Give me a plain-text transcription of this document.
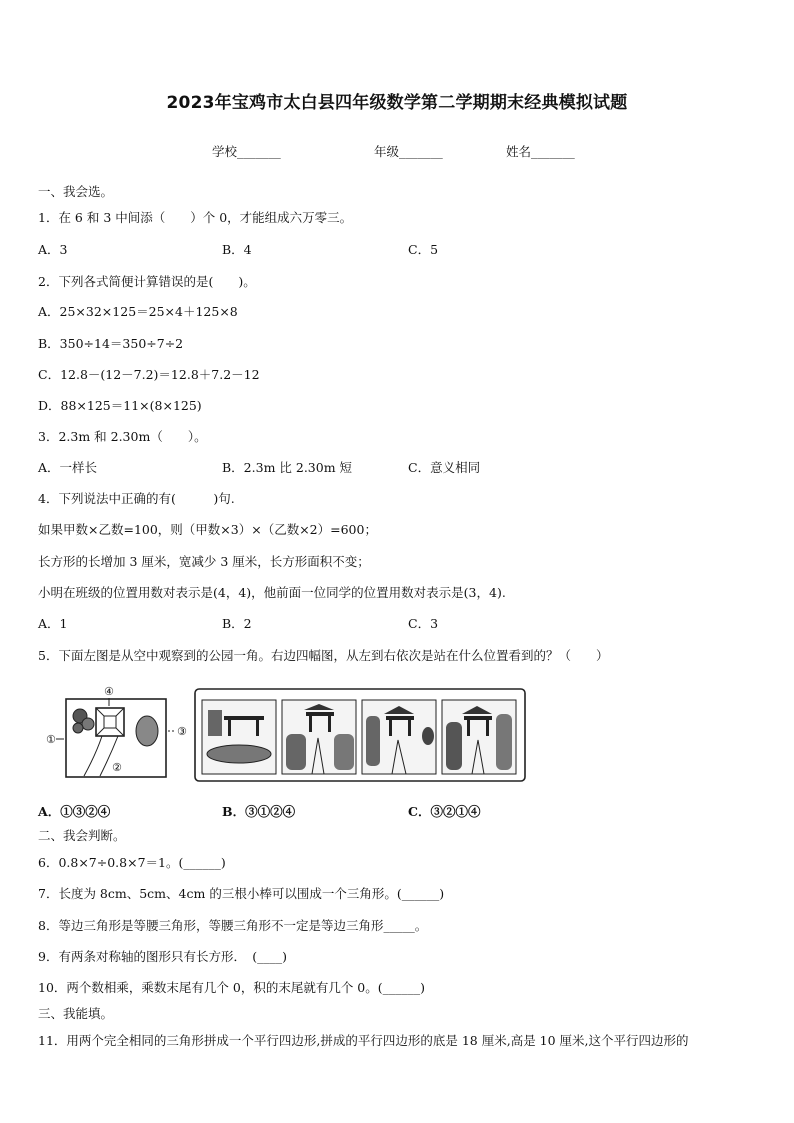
2023年宝鸡市太白县四年级数学第二学期期末经典模拟试题
学校_______	年级_______	姓名_______
一、我会选。
1．在 6 和 3 中间添（　　）个 0，才能组成六万零三。
A．3	B．4	C．5
2．下列各式简便计算错误的是(　　)。
A．25×32×125＝25×4＋125×8
B．350÷14＝350÷7÷2
C．12.8－(12－7.2)＝12.8＋7.2－12
D．88×125＝11×(8×125)
3．2.3m 和 2.30m（　　）。
A．一样长	B．2.3m 比 2.30m 短	C．意义相同
4．下列说法中正确的有(　　　)句.
如果甲数×乙数=100，则（甲数×3）×（乙数×2）=600；
长方形的长增加 3 厘米，宽减少 3 厘米，长方形面积不变；
小明在班级的位置用数对表示是(4，4)，他前面一位同学的位置用数对表示是(3，4).
A．1	B．2	C．3
5．下面左图是从空中观察到的公园一角。右边四幅图，从左到右依次是站在什么位置看到的？（　　）
④
①
②
③
A．①③②④	B．③①②④	C．③②①④
二、我会判断。
6．0.8×7÷0.8×7＝1。(______)
7．长度为 8cm、5cm、4cm 的三根小棒可以围成一个三角形。(______)
8．等边三角形是等腰三角形，等腰三角形不一定是等边三角形_____。
9．有两条对称轴的图形只有长方形．　(____)
10．两个数相乘，乘数末尾有几个 0，积的末尾就有几个 0。(______)
三、我能填。
11．用两个完全相同的三角形拼成一个平行四边形,拼成的平行四边形的底是 18 厘米,高是 10 厘米,这个平行四边形的
